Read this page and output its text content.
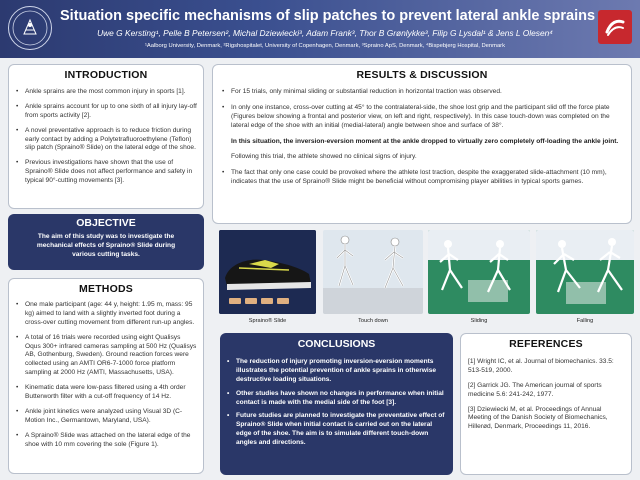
Situation specific mechanisms of slip patches to prevent lateral ankle sprains
Uwe G Kersting¹, Pelle B Petersen², Michal Dziewiecki³, Adam Frank³, Thor B Grønlykke³, Filip G Lysdal¹ & Jens L Olesen⁴
¹Aalborg University, Denmark, ²Rigshospitalet, University of Copenhagen, Denmark, ³Spraino ApS, Denmark, ⁴Bispebjerg Hospital, Denmark
INTRODUCTION
• Ankle sprains are the most common injury in sports [1].
• Ankle sprains account for up to one sixth of all injury lay-off from sports activity [2].
• A novel preventative approach is to reduce friction during early contact by adding a Polytetrafluoroethylene (Teflon) slip patch (Spraino® Slide) on the lateral edge of the shoe.
• Previous investigations have shown that the use of Spraino® Slide does not affect performance and safety in typical 90°-cutting movements [3].
OBJECTIVE
The aim of this study was to investigate the mechanical effects of Spraino® Slide during various cutting tasks.
METHODS
• One male participant (age: 44 y, height: 1.95 m, mass: 95 kg) aimed to land with a slightly inverted foot during a cross-over cutting movement from different run-up angles.
• A total of 16 trials were recorded using eight Qualisys Oqus 300+ infrared cameras sampling at 500 Hz (Qualisys AB, Gothenburg, Sweden). Ground reaction forces were collected using an AMTI OR6-7-1000 force platform sampling at 2000 Hz (AMTI, Massachusetts, USA).
• Kinematic data were low-pass filtered using a 4th order Butterworth filter with a cut-off frequency of 14 Hz.
• Ankle joint kinetics were analyzed using Visual 3D (C-Motion Inc., Germantown, Maryland, USA).
• A Spraino® Slide was attached on the lateral edge of the shoe with 10 mm covering the sole (Figure 1).
RESULTS & DISCUSSION
• For 15 trials, only minimal sliding or substantial reduction in horizontal traction was observed.
• In only one instance, cross-over cutting at 45° to the contralateral-side, the shoe lost grip and the participant slid off the force plate (Figures below showing a frontal and posterior view, on left and right, respectively). In this case touch-down was completed on the lateral edge of the shoe with an initial (medial-lateral) angle between shoe and surface of 38°.
In this situation, the inversion-eversion moment at the ankle dropped to virtually zero completely off-loading the ankle joint.
Following this trial, the athlete showed no clinical signs of injury.
• The fact that only one case could be provoked where the athlete lost traction, despite the exaggerated slide-attachment (10 mm), indicates that the use of Spraino® Slide might be beneficial without compromising player abilities in typical sports games.
Spraino® Slide	Touch down	Sliding	Falling
CONCLUSIONS
• The reduction of injury promoting inversion-eversion moments illustrates the potential prevention of ankle sprains in otherwise destructive loading situations.
• Other studies have shown no changes in performance when initial contact is made with the medial side of the foot [3].
• Future studies are planned to investigate the preventative effect of Spraino® Slide when initial contact is carried out on the lateral edge of the shoe. The aim is to simulate different touch-down angles and directions.
REFERENCES
[1] Wright IC, et al. Journal of biomechanics. 33.5: 513-519, 2000.
[2] Garrick JG. The American journal of sports medicine 5.6: 241-242, 1977.
[3] Dziewiecki M, et al. Proceedings of Annual Meeting of the Danish Society of Biomechanics, Hillerød, Denmark, Proceedings 11, 2016.
